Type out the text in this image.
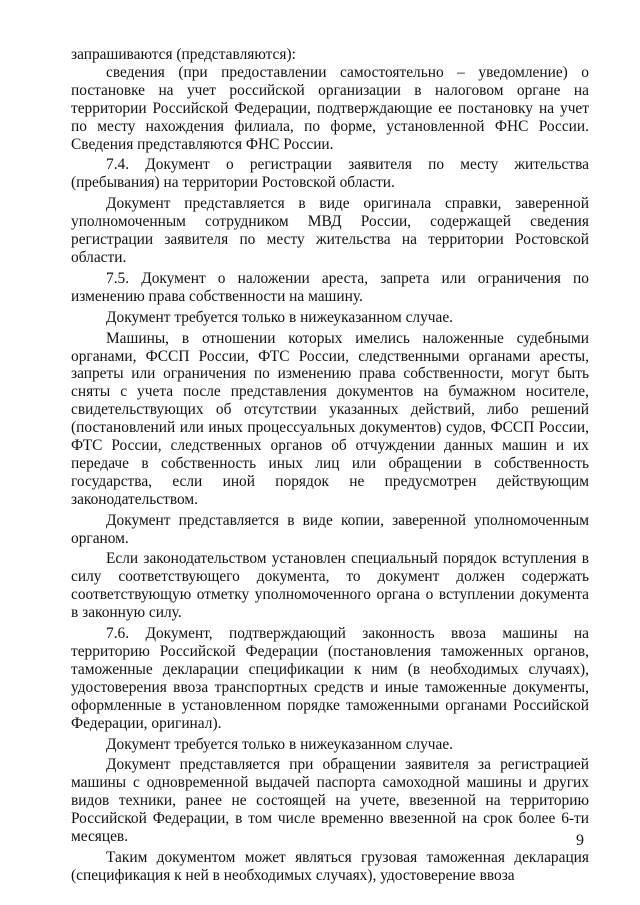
запрашиваются (представляются):

сведения (при предоставлении самостоятельно – уведомление) о постановке на учет российской организации в налоговом органе на территории Российской Федерации, подтверждающие ее постановку на учет по месту нахождения филиала, по форме, установленной ФНС России. Сведения представляются ФНС России.

7.4. Документ о регистрации заявителя по месту жительства (пребывания) на территории Ростовской области.

Документ представляется в виде оригинала справки, заверенной уполномоченным сотрудником МВД России, содержащей сведения регистрации заявителя по месту жительства на территории Ростовской области.

7.5. Документ о наложении ареста, запрета или ограничения по изменению права собственности на машину.

Документ требуется только в нижеуказанном случае.

Машины, в отношении которых имелись наложенные судебными органами, ФССП России, ФТС России, следственными органами аресты, запреты или ограничения по изменению права собственности, могут быть сняты с учета после представления документов на бумажном носителе, свидетельствующих об отсутствии указанных действий, либо решений (постановлений или иных процессуальных документов) судов, ФССП России, ФТС России, следственных органов об отчуждении данных машин и их передаче в собственность иных лиц или обращении в собственность государства, если иной порядок не предусмотрен действующим законодательством.

Документ представляется в виде копии, заверенной уполномоченным органом.

Если законодательством установлен специальный порядок вступления в силу соответствующего документа, то документ должен содержать соответствующую отметку уполномоченного органа о вступлении документа в законную силу.

7.6. Документ, подтверждающий законность ввоза машины на территорию Российской Федерации (постановления таможенных органов, таможенные декларации спецификации к ним (в необходимых случаях), удостоверения ввоза транспортных средств и иные таможенные документы, оформленные в установленном порядке таможенными органами Российской Федерации, оригинал).

Документ требуется только в нижеуказанном случае.

Документ представляется при обращении заявителя за регистрацией машины с одновременной выдачей паспорта самоходной машины и других видов техники, ранее не состоящей на учете, ввезенной на территорию Российской Федерации, в том числе временно ввезенной на срок более 6-ти месяцев.

Таким документом может являться грузовая таможенная декларация (спецификация к ней в необходимых случаях), удостоверение ввоза

9
